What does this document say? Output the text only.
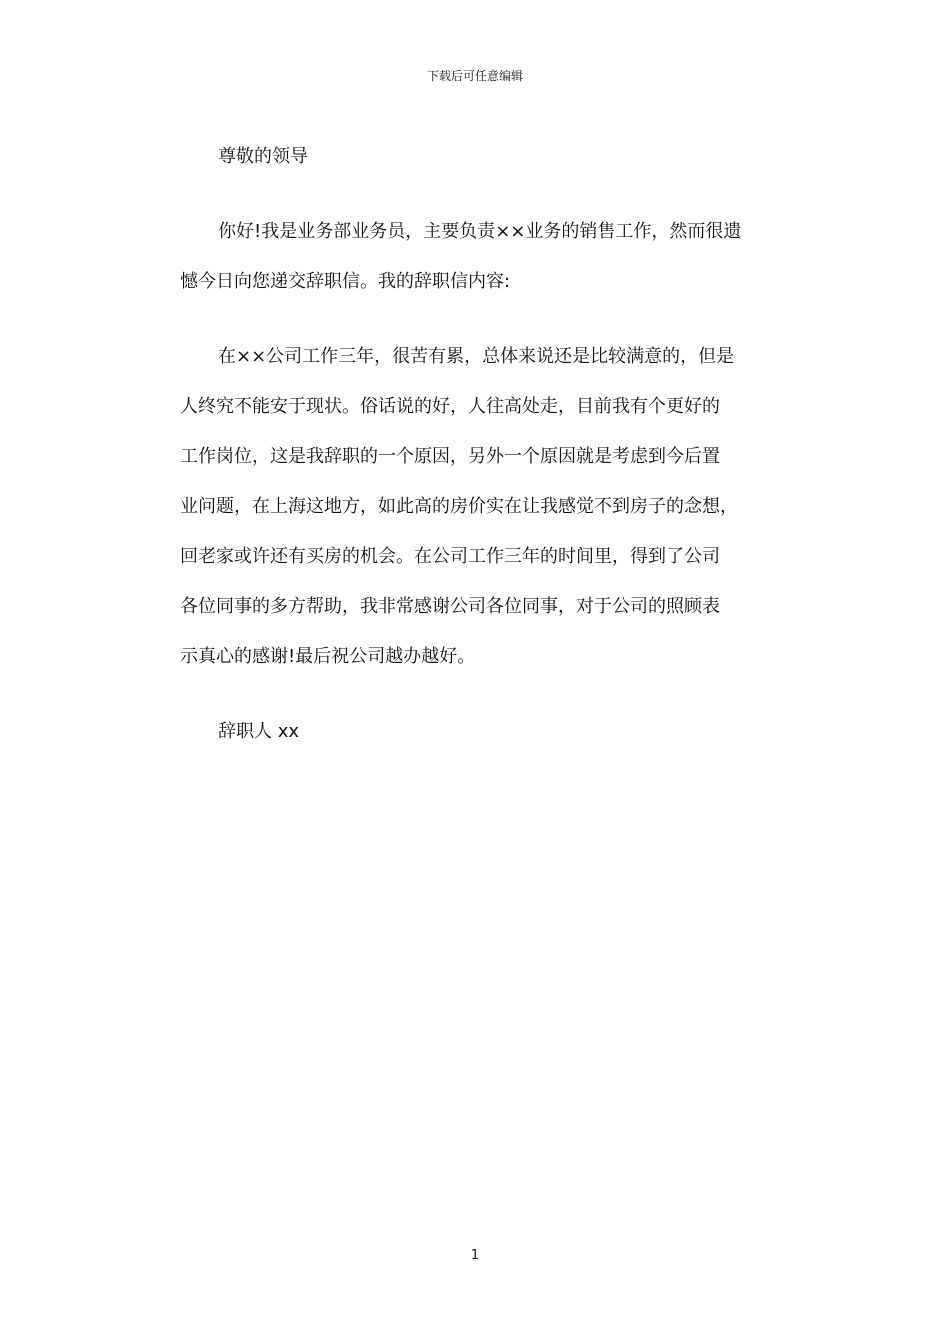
下载后可任意编辑

尊敬的领导

你好!我是业务部业务员，主要负责××业务的销售工作，然而很遗
憾今日向您递交辞职信。我的辞职信内容:

在××公司工作三年，很苦有累，总体来说还是比较满意的，但是
人终究不能安于现状。俗话说的好，人往高处走，目前我有个更好的
工作岗位，这是我辞职的一个原因，另外一个原因就是考虑到今后置
业问题，在上海这地方，如此高的房价实在让我感觉不到房子的念想，
回老家或许还有买房的机会。在公司工作三年的时间里，得到了公司
各位同事的多方帮助，我非常感谢公司各位同事，对于公司的照顾表
示真心的感谢!最后祝公司越办越好。

辞职人 xx

1
